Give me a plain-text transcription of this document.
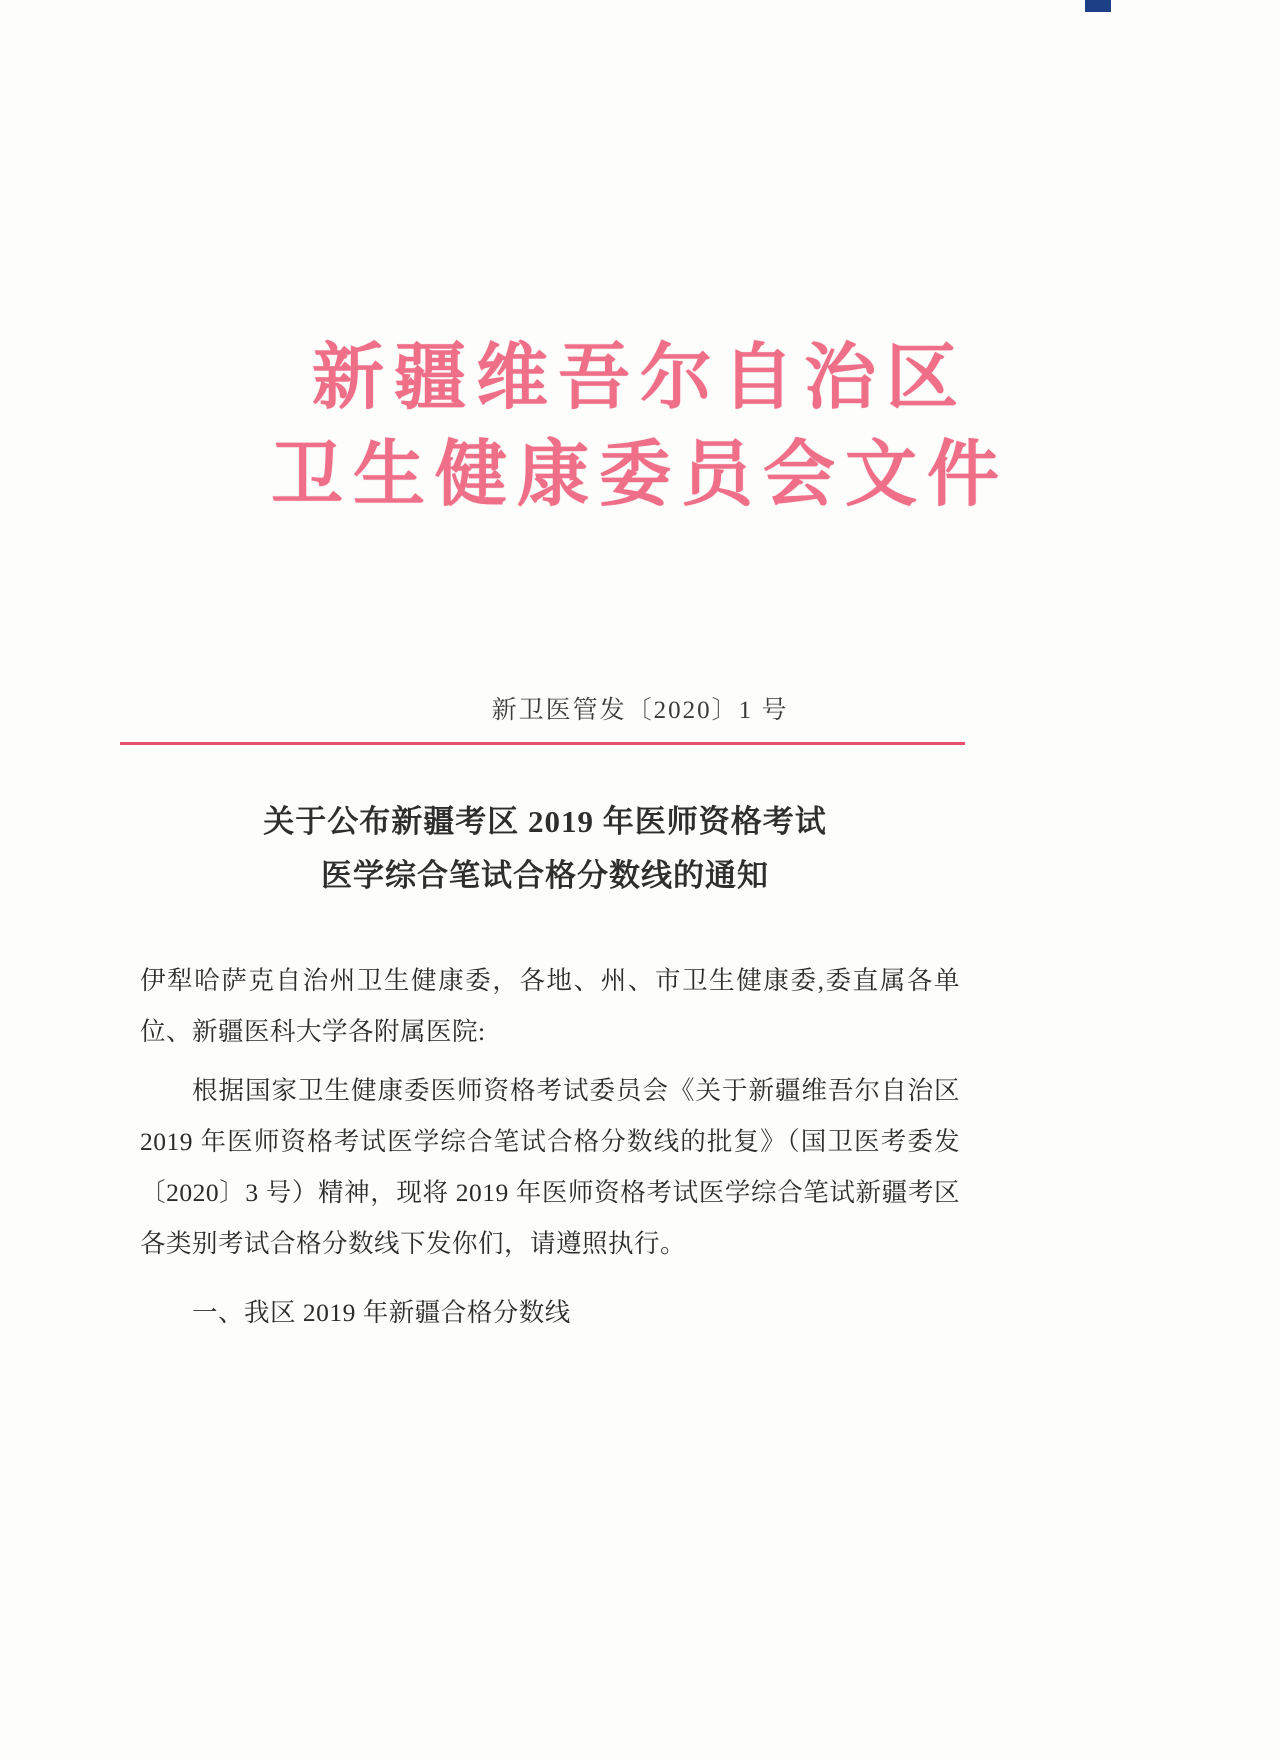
新疆维吾尔自治区
卫生健康委员会文件
新卫医管发〔2020〕1 号
关于公布新疆考区 2019 年医师资格考试
医学综合笔试合格分数线的通知
伊犁哈萨克自治州卫生健康委，各地、州、市卫生健康委,委直属各单位、新疆医科大学各附属医院:
根据国家卫生健康委医师资格考试委员会《关于新疆维吾尔自治区 2019 年医师资格考试医学综合笔试合格分数线的批复》（国卫医考委发〔2020〕3 号）精神，现将 2019 年医师资格考试医学综合笔试新疆考区各类别考试合格分数线下发你们，请遵照执行。
一、我区 2019 年新疆合格分数线
